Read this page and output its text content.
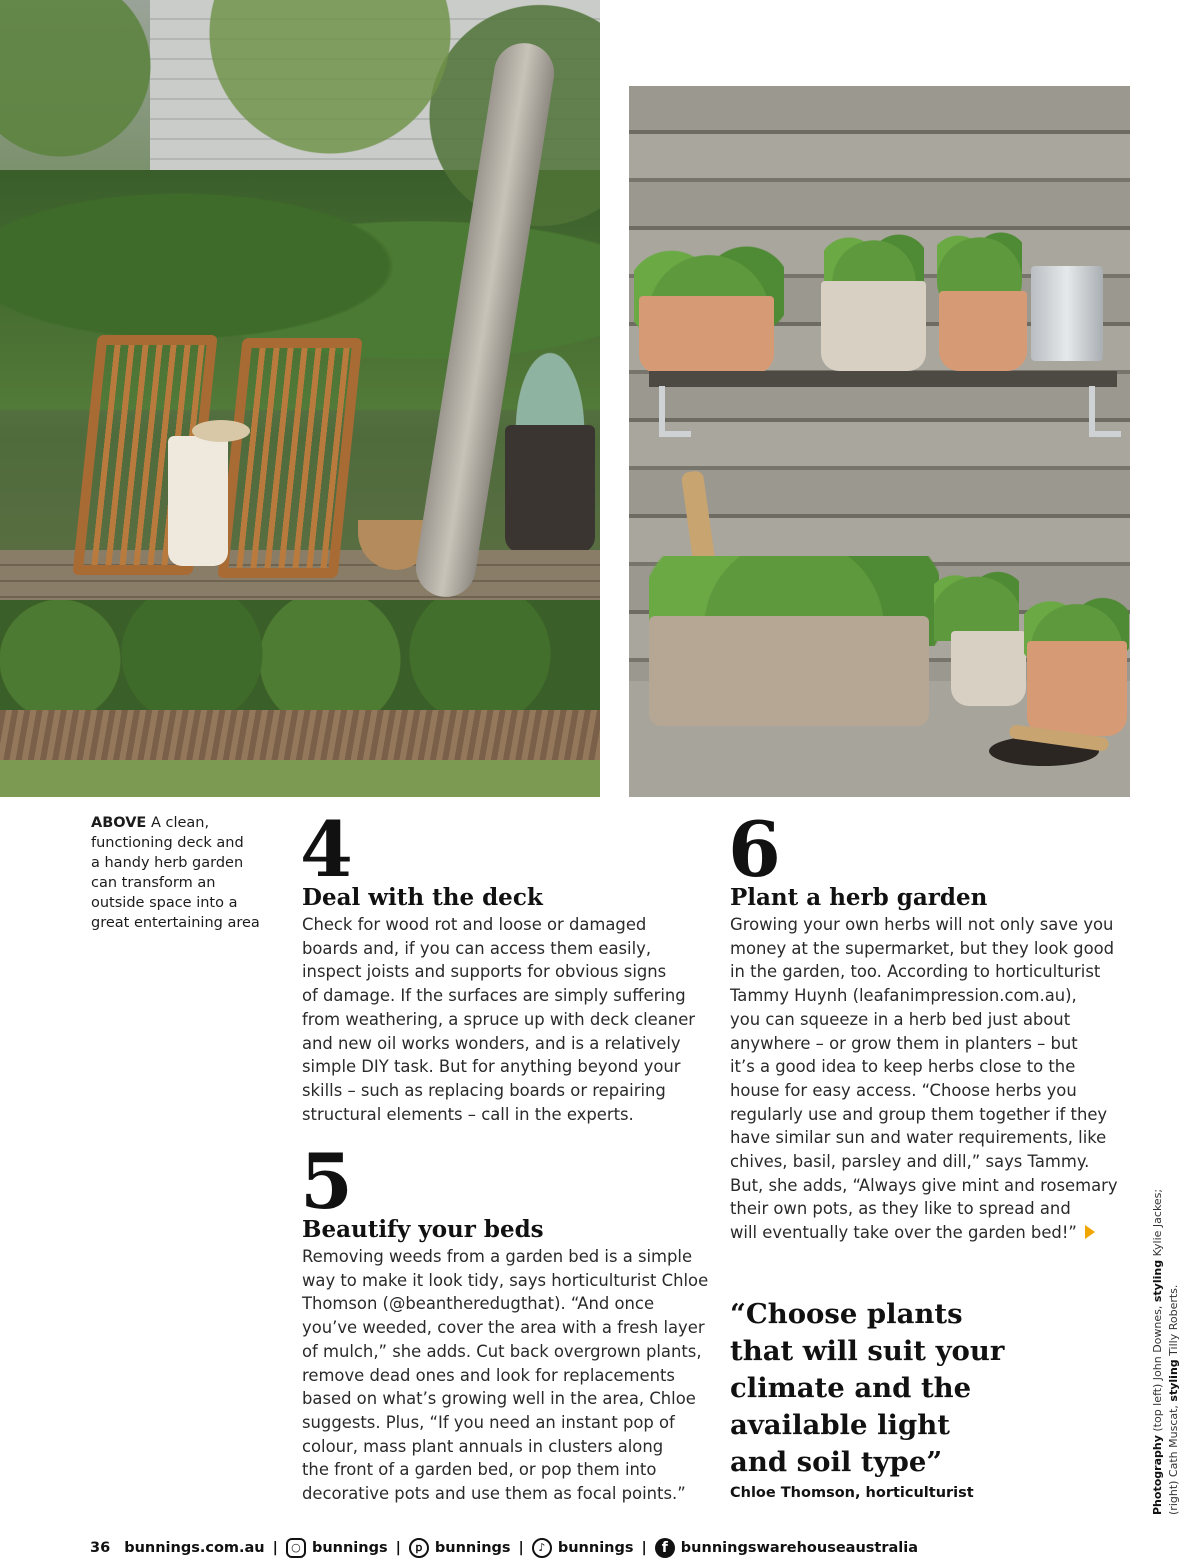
ABOVE A clean,
functioning deck and
a handy herb garden
can transform an
outside space into a
great entertaining area
4
Deal with the deck
Check for wood rot and loose or damaged
boards and, if you can access them easily,
inspect joists and supports for obvious signs
of damage. If the surfaces are simply suffering
from weathering, a spruce up with deck cleaner
and new oil works wonders, and is a relatively
simple DIY task. But for anything beyond your
skills – such as replacing boards or repairing
structural elements – call in the experts.
5
Beautify your beds
Removing weeds from a garden bed is a simple
way to make it look tidy, says horticulturist Chloe
Thomson (@beantheredugthat). “And once
you’ve weeded, cover the area with a fresh layer
of mulch,” she adds. Cut back overgrown plants,
remove dead ones and look for replacements
based on what’s growing well in the area, Chloe
suggests. Plus, “If you need an instant pop of
colour, mass plant annuals in clusters along
the front of a garden bed, or pop them into
decorative pots and use them as focal points.”
6
Plant a herb garden
Growing your own herbs will not only save you
money at the supermarket, but they look good
in the garden, too. According to horticulturist
Tammy Huynh (leafanimpression.com.au),
you can squeeze in a herb bed just about
anywhere – or grow them in planters – but
it’s a good idea to keep herbs close to the
house for easy access. “Choose herbs you
regularly use and group them together if they
have similar sun and water requirements, like
chives, basil, parsley and dill,” says Tammy.
But, she adds, “Always give mint and rosemary
their own pots, as they like to spread and
will eventually take over the garden bed!”
“Choose plants
that will suit your
climate and the
available light
and soil type”
Chloe Thomson, horticulturist	Photography (top left) John Downes, styling Kylie Jackes;
(right) Cath Muscat, styling Tilly Roberts.
36 bunnings.com.au | ○ bunnings |	𝗉 bunnings |	♪ bunnings |	f bunningswarehouseaustralia
